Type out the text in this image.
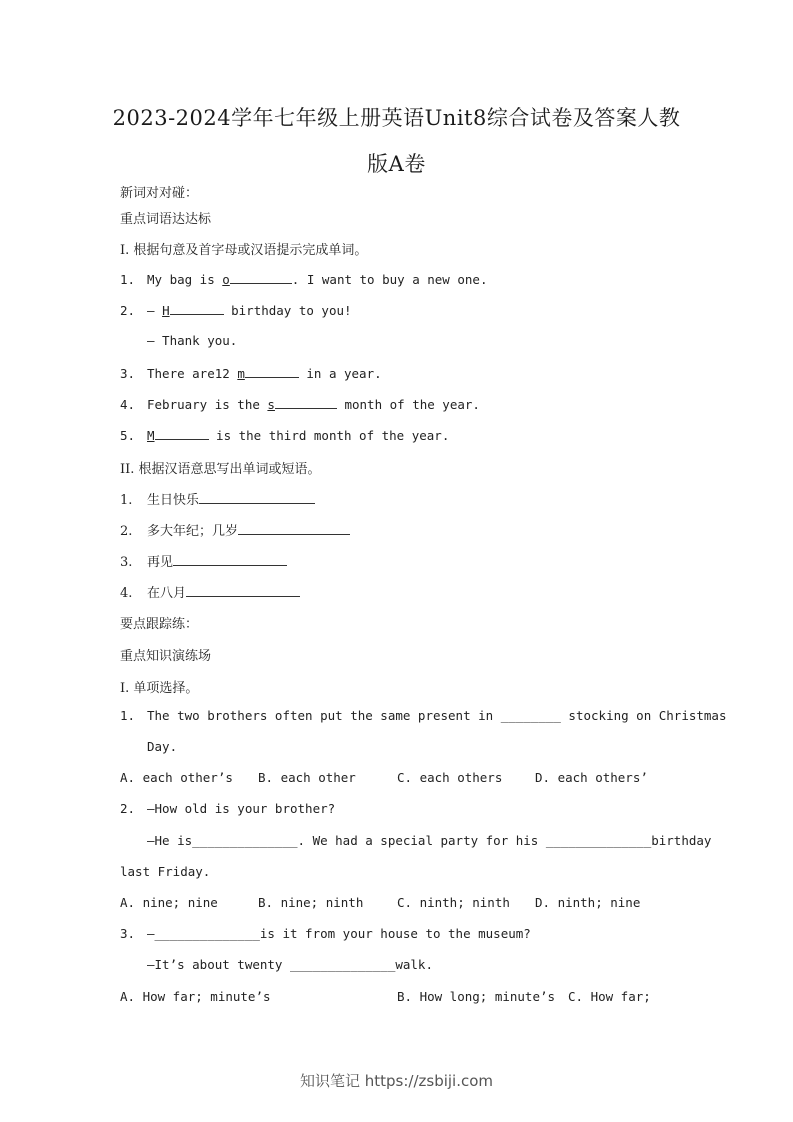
2023-2024学年七年级上册英语Unit8综合试卷及答案人教
版A卷
新词对对碰：
重点词语达达标
I. 根据句意及首字母或汉语提示完成单词。
1. My bag is o	. I want to buy a new one.
2. — H	birthday to you!
— Thank you.
3. There are12 m	in a year.
4. February is the s	month of the year.
5. M	is the third month of the year.
II. 根据汉语意思写出单词或短语。
1. 生日快乐
2. 多大年纪；几岁
3. 再见
4. 在八月
要点跟踪练：
重点知识演练场
I. 单项选择。
1. The two brothers often put the same present in ________ stocking on Christmas
Day.
A. each other’s B. each other	C. each others	D. each others’
2. —How old is your brother?
—He is______________. We had a special party for his ______________birthday
last Friday.
A. nine; nine	B. nine; ninth	C. ninth; ninth D. ninth; nine
3. —______________is it from your house to the museum?
—It’s about twenty ______________walk.
A. How far; minute’s	B. How long; minute’s C. How far;
知识笔记 https://zsbiji.com
